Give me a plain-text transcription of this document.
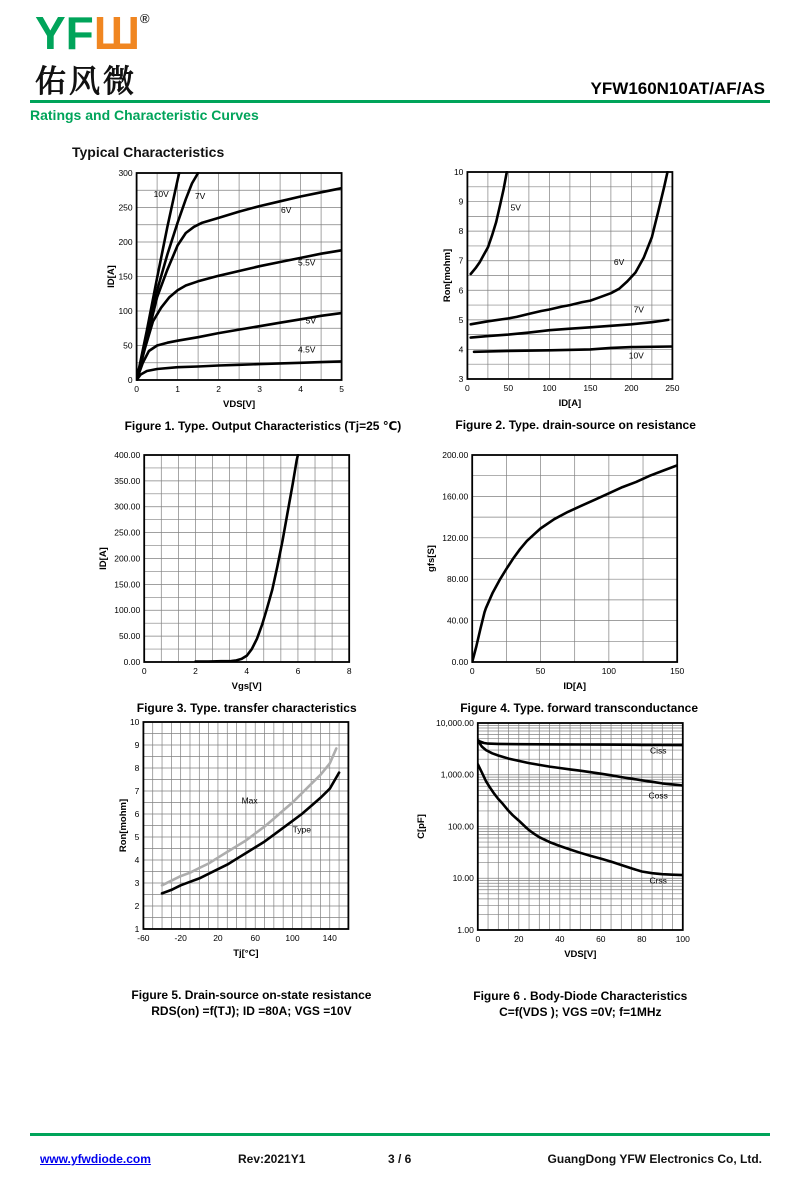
YFШ®
佑风微	YFW160N10AT/AF/AS
Ratings and Characteristic Curves
Typical Characteristics
0	1	2	3	4	5
0
50
100
150
200
250
300
VDS[V]
ID[A]
10V	7V
6V
5.5V
5V
4.5V
Figure 1. Type. Output Characteristics (Tj=25 ℃)
0	50	100	150	200	250
3
4
5
6
7
8
9
10
ID[A]
Ron[mohm]
5V
6V
7V
10V
Figure 2. Type. drain-source on resistance
0	2	4	6	8
0.00
50.00
100.00
150.00
200.00
250.00
300.00
350.00
400.00
Vgs[V]
ID[A]
Figure 3. Type. transfer characteristics
0	50	100	150
0.00
40.00
80.00
120.00
160.00
200.00
ID[A]
gfs[S]
Figure 4. Type. forward transconductance
-60	-20	20	60	100	140
1
2
3
4
5
6
7
8
9
10
Tj[°C]
Ron[mohm]	Max
Type
Figure 5. Drain-source on-state resistance
RDS(on) =f(TJ); ID =80A; VGS =10V
0	20	40	60	80	100
1.00
10.00
100.00
1,000.00
10,000.00
VDS[V]
C[pF]
Ciss
Coss
Crss
Figure 6 . Body-Diode Characteristics
C=f(VDS ); VGS =0V; f=1MHz
www.yfwdiode.com	Rev:2021Y1	3 / 6	GuangDong YFW Electronics Co, Ltd.
